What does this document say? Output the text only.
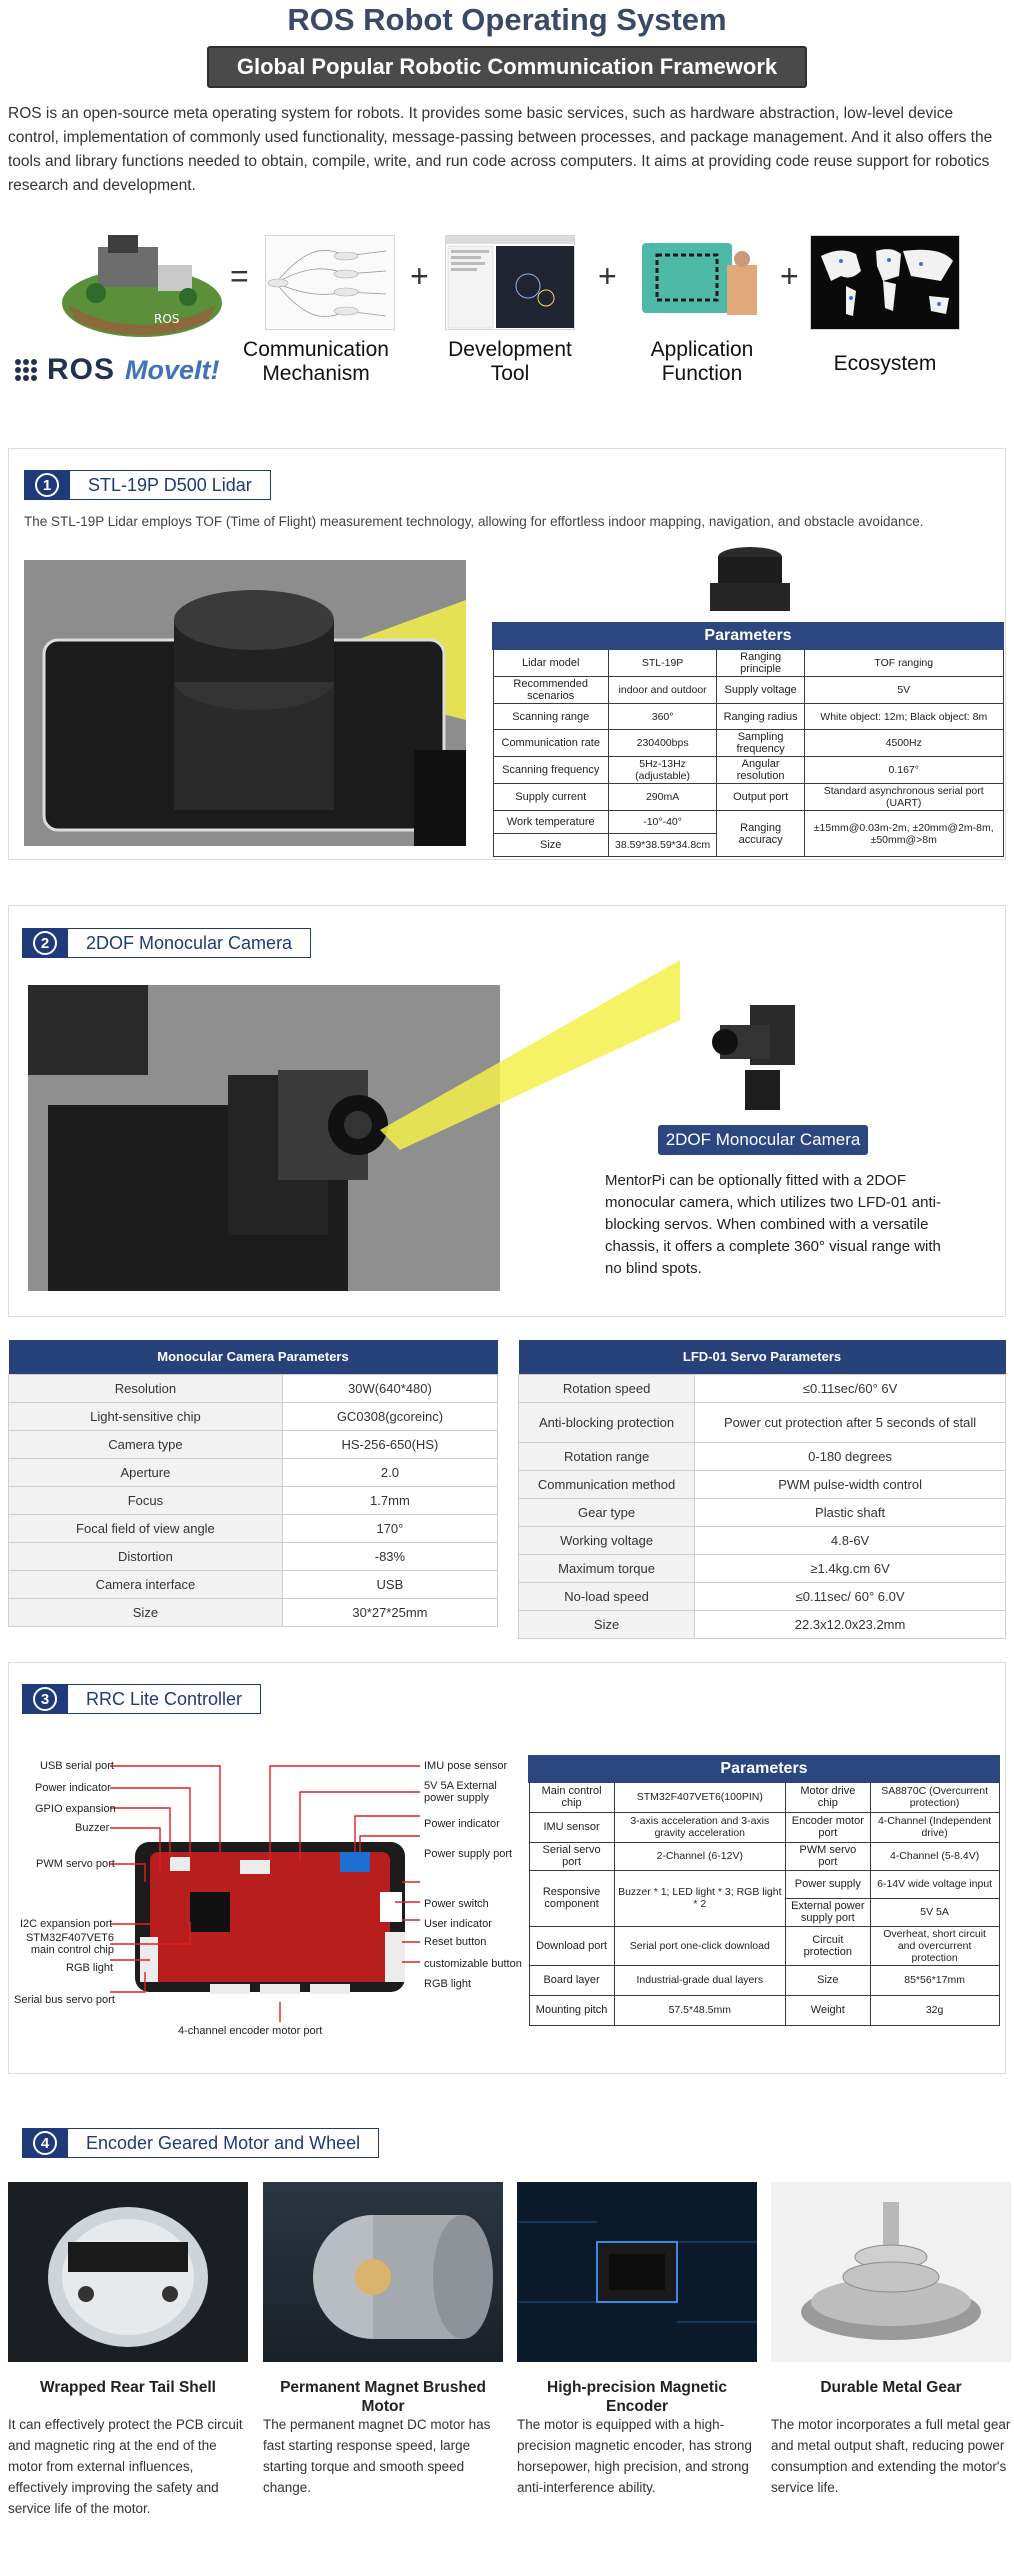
ROS Robot Operating System
Global Popular Robotic Communication Framework

ROS is an open-source meta operating system for robots. It provides some basic services, such as hardware abstraction, low-level device control, implementation of commonly used functionality, message-passing between processes, and package management. And it also offers the tools and library functions needed to obtain, compile, write, and run code across computers. It aims at providing code reuse support for robotics research and development.

ROS
ROS MoveIt!
=
Communication
Mechanism
+
Development
Tool
+
Application
Function
+
Ecosystem
1	STL-19P D500 Lidar
The STL-19P Lidar employs TOF (Time of Flight) measurement technology, allowing for effortless indoor mapping, navigation, and obstacle avoidance.
Parameters			
Lidar model	STL-19P	Ranging principle	TOF ranging
Recommended scenarios	indoor and outdoor	Supply voltage	5V
Scanning range	360°	Ranging radius	White object: 12m; Black object: 8m
Communication rate	230400bps	Sampling frequency	4500Hz
Scanning frequency	5Hz-13Hz (adjustable)	Angular resolution	0.167°
Supply current	290mA	Output port	Standard asynchronous serial port (UART)
Work temperature	-10°-40°	Ranging accuracy	±15mm@0.03m-2m, ±20mm@2m-8m, ±50mm@>8m
Size	38.59*38.59*34.8cm		
2	2DOF Monocular Camera
2DOF Monocular Camera

MentorPi can be optionally fitted with a 2DOF monocular camera, which utilizes two LFD-01 anti-blocking servos. When combined with a versatile chassis, it offers a complete 360° visual range with no blind spots.

Monocular Camera Parameters	
Resolution	30W(640*480)
Light-sensitive chip	GC0308(gcoreinc)
Camera type	HS-256-650(HS)
Aperture	2.0
Focus	1.7mm
Focal field of view angle	170°
Distortion	-83%
Camera interface	USB
Size	30*27*25mm
LFD-01 Servo Parameters	
Rotation speed	≤0.11sec/60° 6V
Anti-blocking protection	Power cut protection after 5 seconds of stall
Rotation range	0-180 degrees
Communication method	PWM pulse-width control
Gear type	Plastic shaft
Working voltage	4.8-6V
Maximum torque	≥1.4kg.cm 6V
No-load speed	≤0.11sec/ 60° 6.0V
Size	22.3x12.0x23.2mm
3	RRC Lite Controller
USB serial port
Power indicator
GPIO expansion
Buzzer
PWM servo port
I2C expansion port
STM32F407VET6 main control chip
RGB light
Serial bus servo port
IMU pose sensor
5V 5A External power supply
Power indicator
Power supply port
Power switch
User indicator
Reset button
customizable button
RGB light
4-channel encoder motor port
Parameters			
Main control chip	STM32F407VET6(100PIN)	Motor drive chip	SA8870C (Overcurrent protection)
IMU sensor	3-axis acceleration and 3-axis gravity acceleration	Encoder motor port	4-Channel (Independent drive)
Serial servo port	2-Channel (6-12V)	PWM servo port	4-Channel (5-8.4V)
Responsive component	Buzzer * 1; LED light * 3; RGB light * 2	Power supply	6-14V wide voltage input
		External power supply port	5V 5A
Download port	Serial port one-click download	Circuit protection	Overheat, short circuit and overcurrent protection
Board layer	Industrial-grade dual layers	Size	85*56*17mm
Mounting pitch	57.5*48.5mm	Weight	32g
4	Encoder Geared Motor and Wheel
Wrapped Rear Tail Shell	Permanent Magnet Brushed Motor
High-precision Magnetic Encoder
Durable Metal Gear

It can effectively protect the PCB circuit and magnetic ring at the end of the motor from external influences, effectively improving the safety and service life of the motor.

The permanent magnet DC motor has fast starting response speed, large starting torque and smooth speed change.

The motor is equipped with a high-precision magnetic encoder, has strong horsepower, high precision, and strong anti-interference ability.

The motor incorporates a full metal gear and metal output shaft, reducing power consumption and extending the motor's service life.
